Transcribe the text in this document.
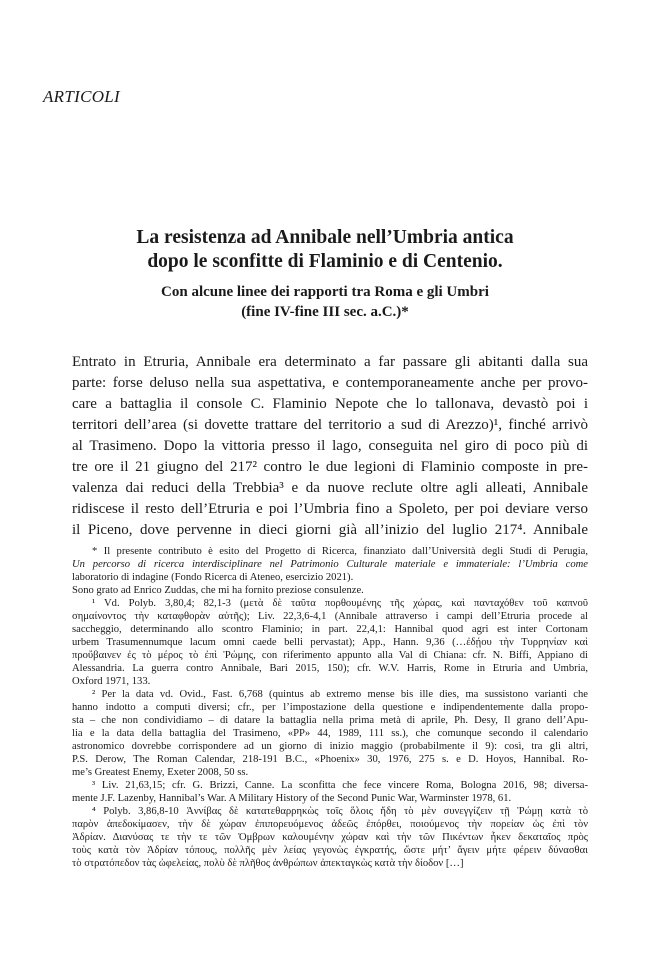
ARTICOLI
La resistenza ad Annibale nell’Umbria antica
dopo le sconfitte di Flaminio e di Centenio.
Con alcune linee dei rapporti tra Roma e gli Umbri
(fine IV-fine III sec. a.C.)*
Entrato in Etruria, Annibale era determinato a far passare gli abitanti dalla sua
parte: forse deluso nella sua aspettativa, e contemporaneamente anche per provo-
care a battaglia il console C. Flaminio Nepote che lo tallonava, devastò poi i
territori dell’area (si dovette trattare del territorio a sud di Arezzo)¹, finché arrivò
al Trasimeno. Dopo la vittoria presso il lago, conseguita nel giro di poco più di
tre ore il 21 giugno del 217² contro le due legioni di Flaminio composte in pre-
valenza dai reduci della Trebbia³ e da nuove reclute oltre agli alleati, Annibale
ridiscese il resto dell’Etruria e poi l’Umbria fino a Spoleto, per poi deviare verso
il Piceno, dove pervenne in dieci giorni già all’inizio del luglio 217⁴. Annibale
* Il presente contributo è esito del Progetto di Ricerca, finanziato dall’Università degli Studi di Perugia,
Un percorso di ricerca interdisciplinare nel Patrimonio Culturale materiale e immateriale: l’Umbria come
laboratorio di indagine (Fondo Ricerca di Ateneo, esercizio 2021).
Sono grato ad Enrico Zuddas, che mi ha fornito preziose consulenze.
¹ Vd. Polyb. 3,80,4; 82,1-3 (μετὰ δὲ ταῦτα πορθουμένης τῆς χώρας, καὶ πανταχόθεν τοῦ καπνοῦ
σημαίνοντος τὴν καταφθορὰν αὐτῆς); Liv. 22,3,6-4,1 (Annibale attraverso i campi dell’Etruria procede al
saccheggio, determinando allo scontro Flaminio; in part. 22,4,1: Hannibal quod agri est inter Cortonam
urbem Trasumennumque lacum omni caede belli pervastat); App., Hann. 9,36 (…ἐδῄου τὴν Τυρρηνίαν καὶ
προὔβαινεν ἐς τὸ μέρος τὸ ἐπὶ Ῥώμης, con riferimento appunto alla Val di Chiana: cfr. N. Biffi, Appiano di
Alessandria. La guerra contro Annibale, Bari 2015, 150); cfr. W.V. Harris, Rome in Etruria and Umbria,
Oxford 1971, 133.
² Per la data vd. Ovid., Fast. 6,768 (quintus ab extremo mense bis ille dies, ma sussistono varianti che
hanno indotto a computi diversi; cfr., per l’impostazione della questione e indipendentemente dalla propo-
sta – che non condividiamo – di datare la battaglia nella prima metà di aprile, Ph. Desy, Il grano dell’Apu-
lia e la data della battaglia del Trasimeno, «PP» 44, 1989, 111 ss.), che comunque secondo il calendario
astronomico dovrebbe corrispondere ad un giorno di inizio maggio (probabilmente il 9): così, tra gli altri,
P.S. Derow, The Roman Calendar, 218-191 B.C., «Phoenix» 30, 1976, 275 s. e D. Hoyos, Hannibal. Ro-
me’s Greatest Enemy, Exeter 2008, 50 ss.
³ Liv. 21,63,15; cfr. G. Brizzi, Canne. La sconfitta che fece vincere Roma, Bologna 2016, 98; diversa-
mente J.F. Lazenby, Hannibal’s War. A Military History of the Second Punic War, Warminster 1978, 61.
⁴ Polyb. 3,86,8-10 Ἀννίβας δὲ κατατεθαρρηκὼς τοῖς ὅλοις ἤδη τὸ μὲν συνεγγίζειν τῇ Ῥώμῃ κατὰ τὸ
παρὸν ἀπεδοκίμασεν, τὴν δὲ χώραν ἐπιπορευόμενος ἀδεῶς ἐπόρθει, ποιούμενος τὴν πορείαν ὡς ἐπὶ τὸν
Ἀδρίαν. Διανύσας τε τὴν τε τῶν Ὀμβρων καλουμένην χώραν καὶ τὴν τῶν Πικέντων ἧκεν δεκαταῖος πρὸς
τοὺς κατὰ τὸν Ἀδρίαν τόπους, πολλῆς μὲν λείας γεγονὼς ἐγκρατής, ὥστε μήτ’ ἄγειν μήτε φέρειν δύνασθαι
τὸ στρατόπεδον τὰς ὠφελείας, πολὺ δὲ πλῆθος ἀνθρώπων ἀπεκταγκὼς κατὰ τὴν δίοδον […]
